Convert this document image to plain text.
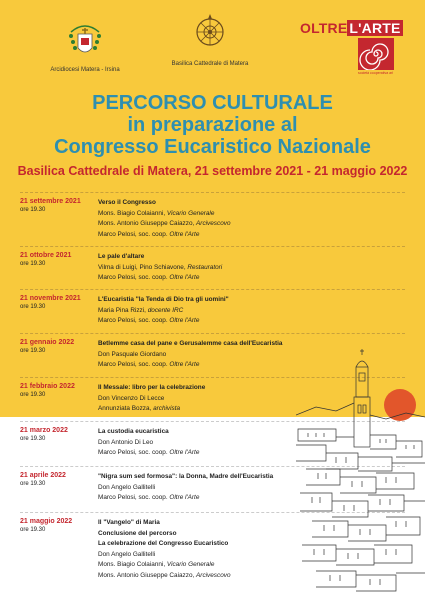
Arcidiocesi Matera - Irsina
Basilica Cattedrale di Matera
OLTRE L'ARTE
società cooperativa arl
PERCORSO CULTURALE
in preparazione al
Congresso Eucaristico Nazionale
Basilica Cattedrale di Matera, 21 settembre 2021 - 21 maggio 2022
21 settembre 2021
ore 19.30
Verso il Congresso
Mons. Biagio Colaianni, Vicario Generale
Mons. Antonio Giuseppe Caiazzo, Arcivescovo
Marco Pelosi, soc. coop. Oltre l'Arte
21 ottobre 2021
ore 19.30
Le pale d'altare
Vilma di Luigi, Pino Schiavone, Restauratori
Marco Pelosi, soc. coop. Oltre l'Arte
21 novembre 2021
ore 19.30
L'Eucaristia "la Tenda di Dio tra gli uomini"
Maria Pina Rizzi, docente IRC
Marco Pelosi, soc. coop. Oltre l'Arte
21 gennaio 2022
ore 19.30
Betlemme casa del pane e Gerusalemme casa dell'Eucaristia
Don Pasquale Giordano
Marco Pelosi, soc. coop. Oltre l'Arte
21 febbraio 2022
ore 19.30
Il Messale: libro per la celebrazione
Don Vincenzo Di Lecce
Annunziata Bozza, archivista
21 marzo 2022
ore 19.30
La custodia eucaristica
Don Antonio Di Leo
Marco Pelosi, soc. coop. Oltre l'Arte
21 aprile 2022
ore 19.30
"Nigra sum sed formosa": la Donna, Madre dell'Eucaristia
Don Angelo Gallitelli
Marco Pelosi, soc. coop. Oltre l'Arte
21 maggio 2022
ore 19.30
Il "Vangelo" di Maria
Conclusione del percorso
La celebrazione del Congresso Eucaristico
Don Angelo Gallitelli
Mons. Biagio Colaianni, Vicario Generale
Mons. Antonio Giuseppe Caiazzo, Arcivescovo
